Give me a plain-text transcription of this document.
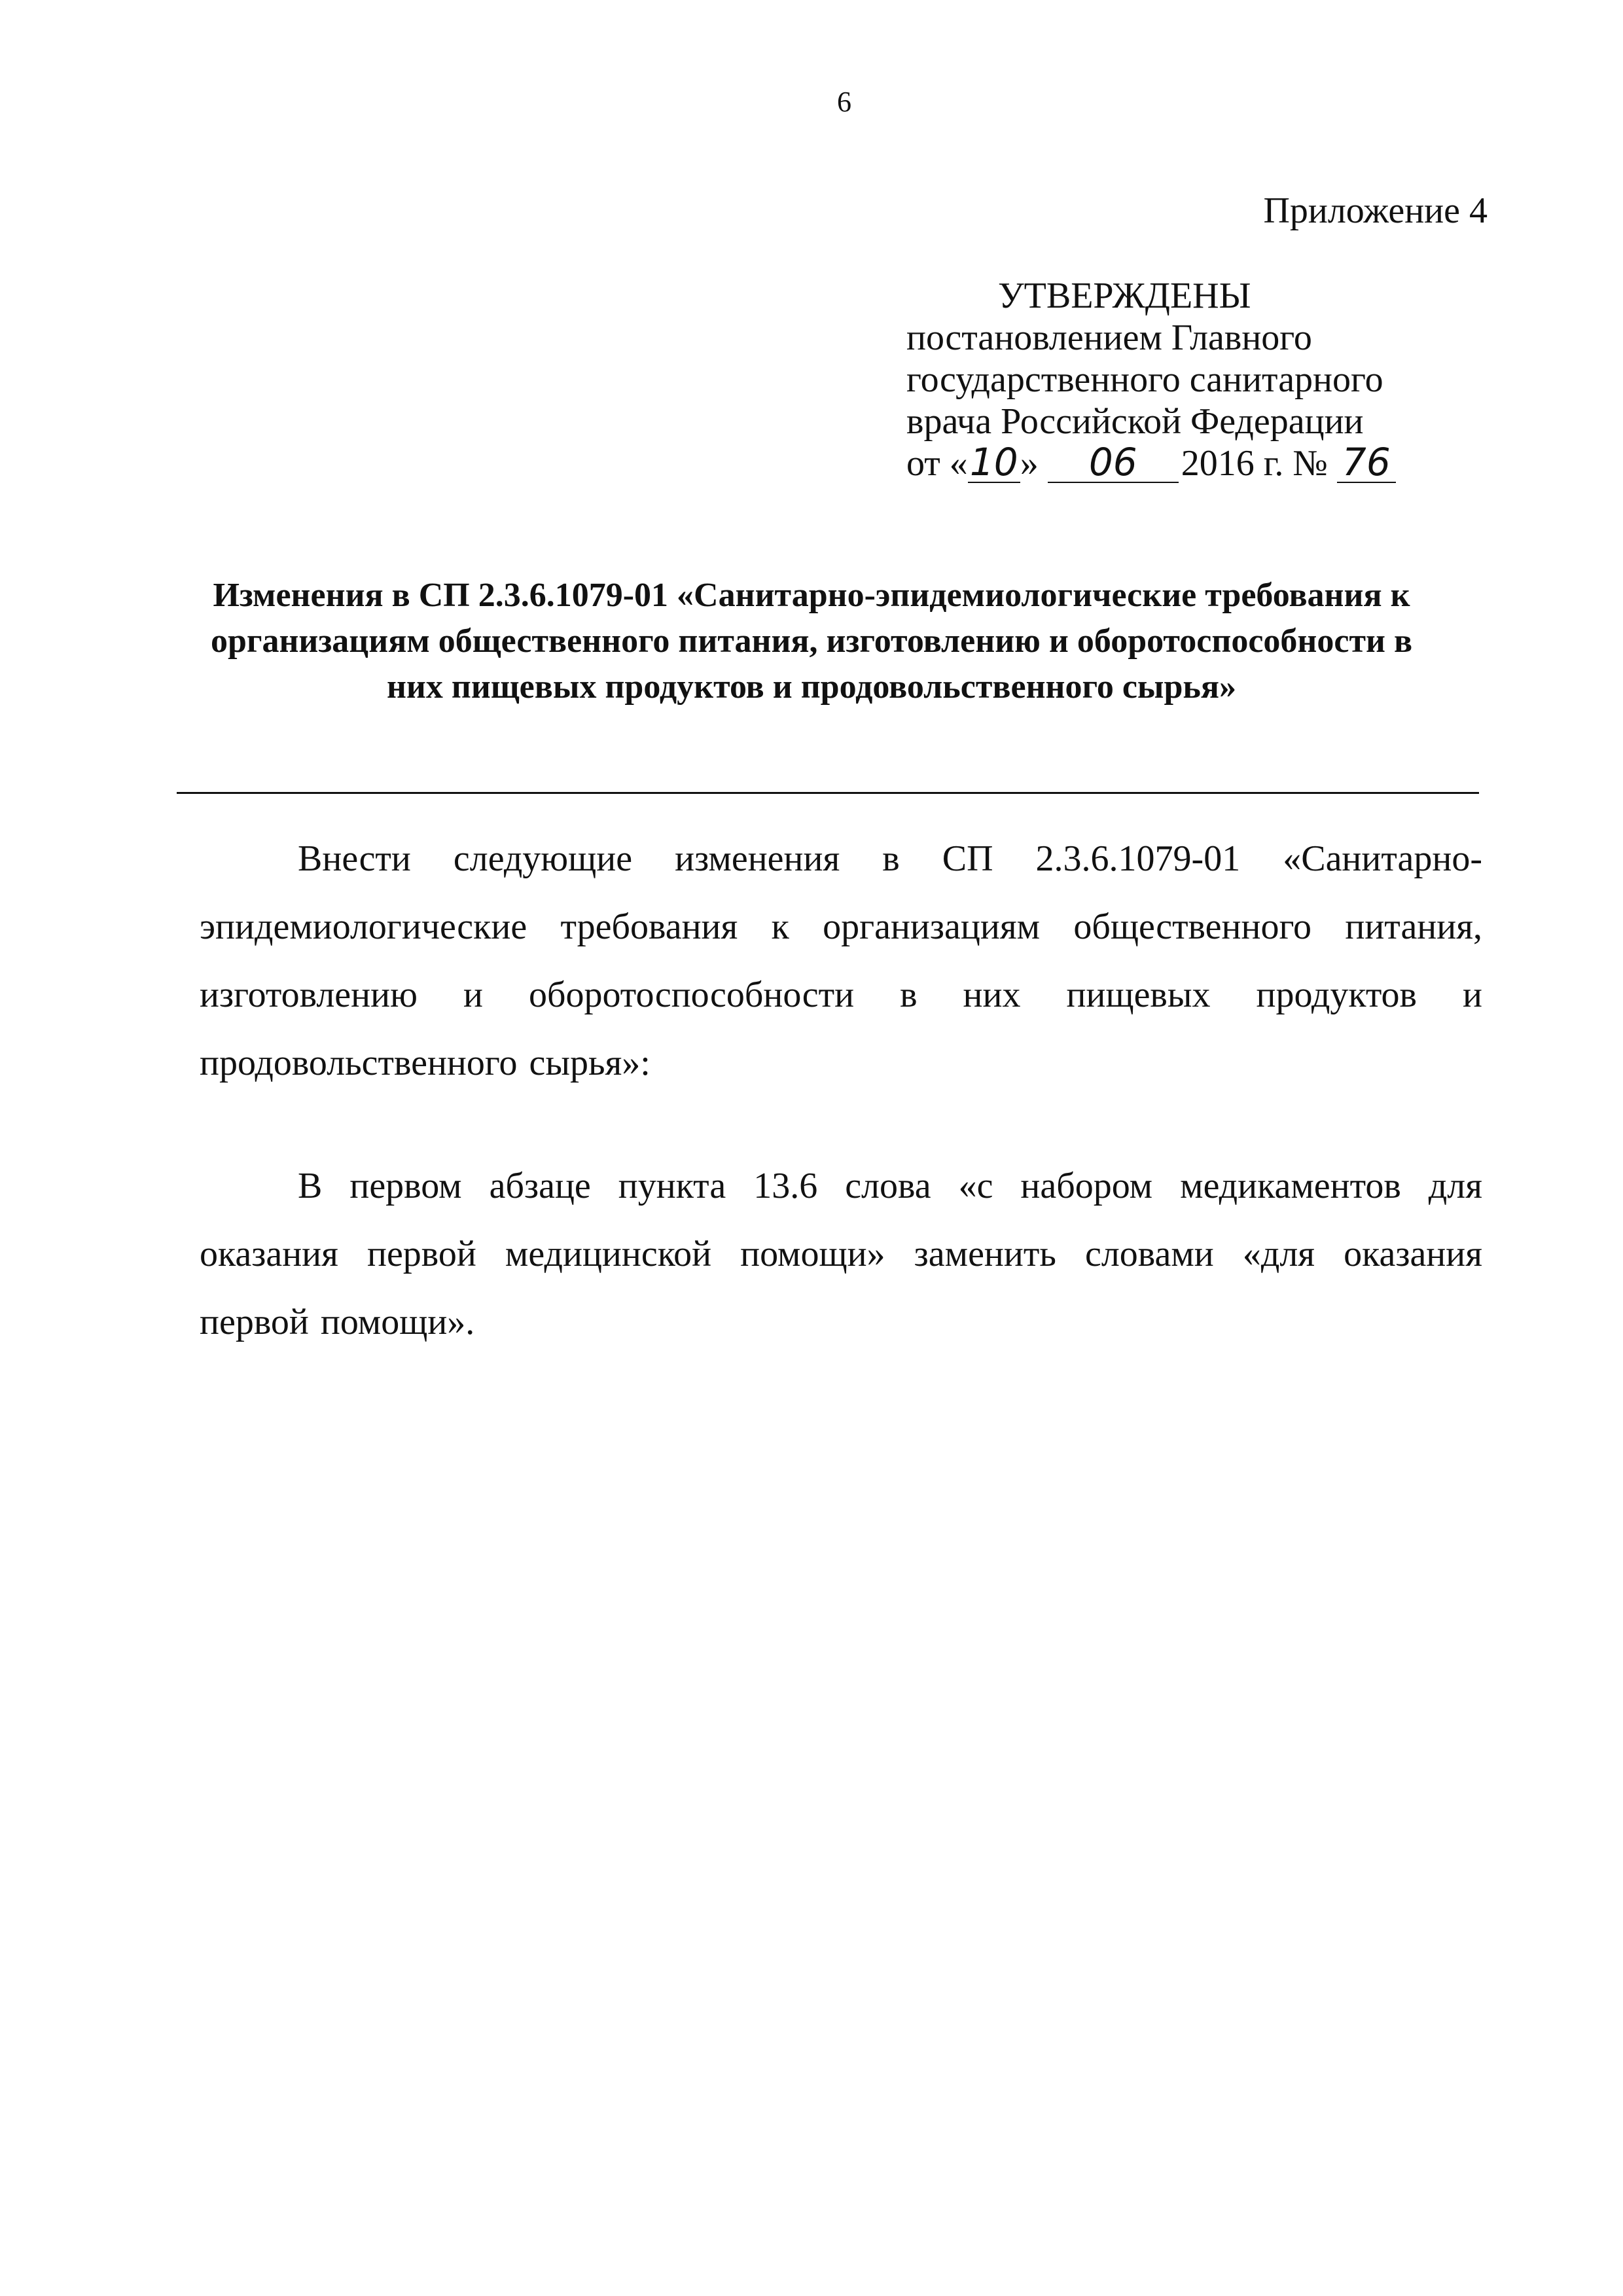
6
Приложение 4
УТВЕРЖДЕНЫ
постановлением Главного
государственного санитарного
врача Российской Федерации
от «10» 06 2016 г. № 76
Изменения в СП 2.3.6.1079-01 «Санитарно-эпидемиологические требования к организациям общественного питания, изготовлению и оборотоспособности в них пищевых продуктов и продовольственного сырья»
Внести следующие изменения в СП 2.3.6.1079-01 «Санитарно-эпидемиологические требования к организациям общественного питания, изготовлению и оборотоспособности в них пищевых продуктов и продовольственного сырья»:
В первом абзаце пункта 13.6 слова «с набором медикаментов для оказания первой медицинской помощи» заменить словами «для оказания первой помощи».
